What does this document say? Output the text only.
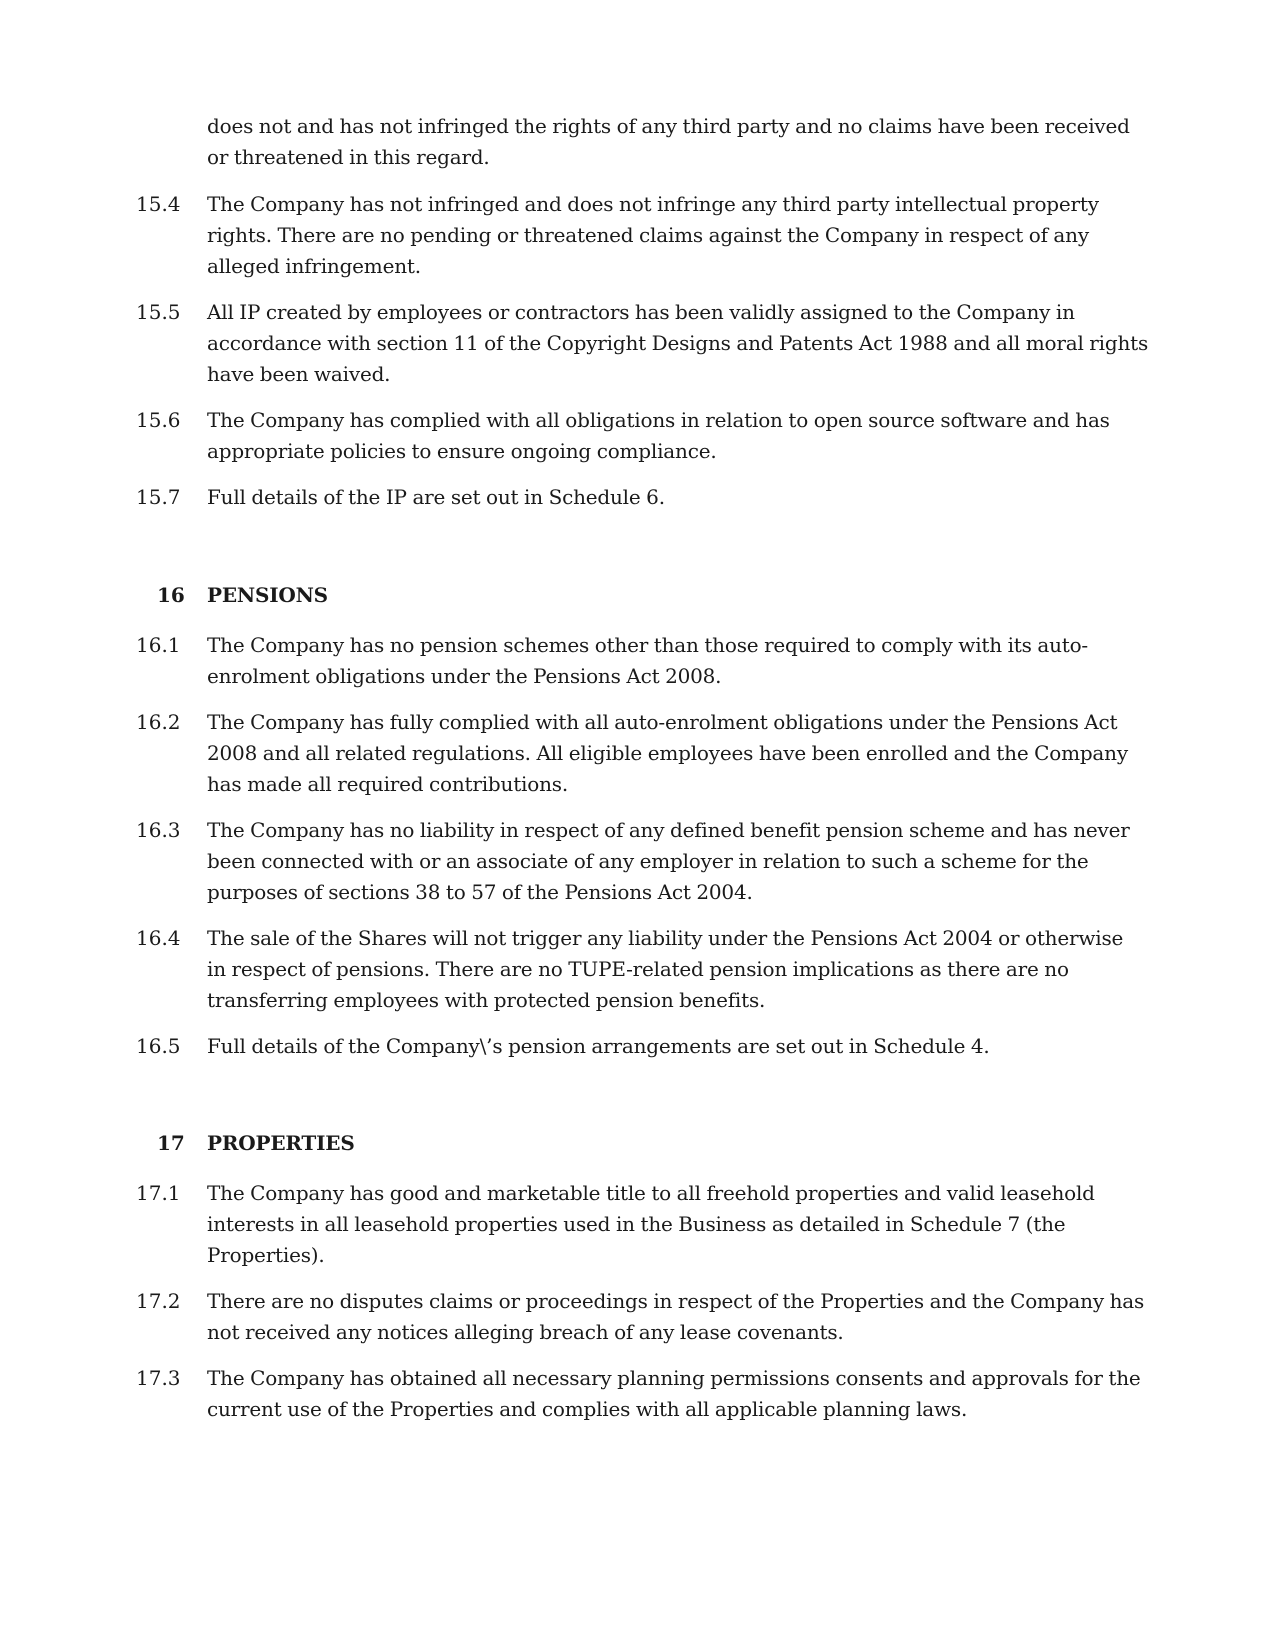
does not and has not infringed the rights of any third party and no claims have been received
or threatened in this regard.
15.4	The Company has not infringed and does not infringe any third party intellectual property
rights. There are no pending or threatened claims against the Company in respect of any
alleged infringement.
15.5	All IP created by employees or contractors has been validly assigned to the Company in
accordance with section 11 of the Copyright Designs and Patents Act 1988 and all moral rights
have been waived.
15.6	The Company has complied with all obligations in relation to open source software and has
appropriate policies to ensure ongoing compliance.
15.7	Full details of the IP are set out in Schedule 6.
16	PENSIONS
16.1	The Company has no pension schemes other than those required to comply with its auto-
enrolment obligations under the Pensions Act 2008.
16.2	The Company has fully complied with all auto-enrolment obligations under the Pensions Act
2008 and all related regulations. All eligible employees have been enrolled and the Company
has made all required contributions.
16.3	The Company has no liability in respect of any defined benefit pension scheme and has never
been connected with or an associate of any employer in relation to such a scheme for the
purposes of sections 38 to 57 of the Pensions Act 2004.
16.4	The sale of the Shares will not trigger any liability under the Pensions Act 2004 or otherwise
in respect of pensions. There are no TUPE-related pension implications as there are no
transferring employees with protected pension benefits.
16.5	Full details of the Company\’s pension arrangements are set out in Schedule 4.
17	PROPERTIES
17.1	The Company has good and marketable title to all freehold properties and valid leasehold
interests in all leasehold properties used in the Business as detailed in Schedule 7 (the
Properties).
17.2	There are no disputes claims or proceedings in respect of the Properties and the Company has
not received any notices alleging breach of any lease covenants.
17.3	The Company has obtained all necessary planning permissions consents and approvals for the
current use of the Properties and complies with all applicable planning laws.
